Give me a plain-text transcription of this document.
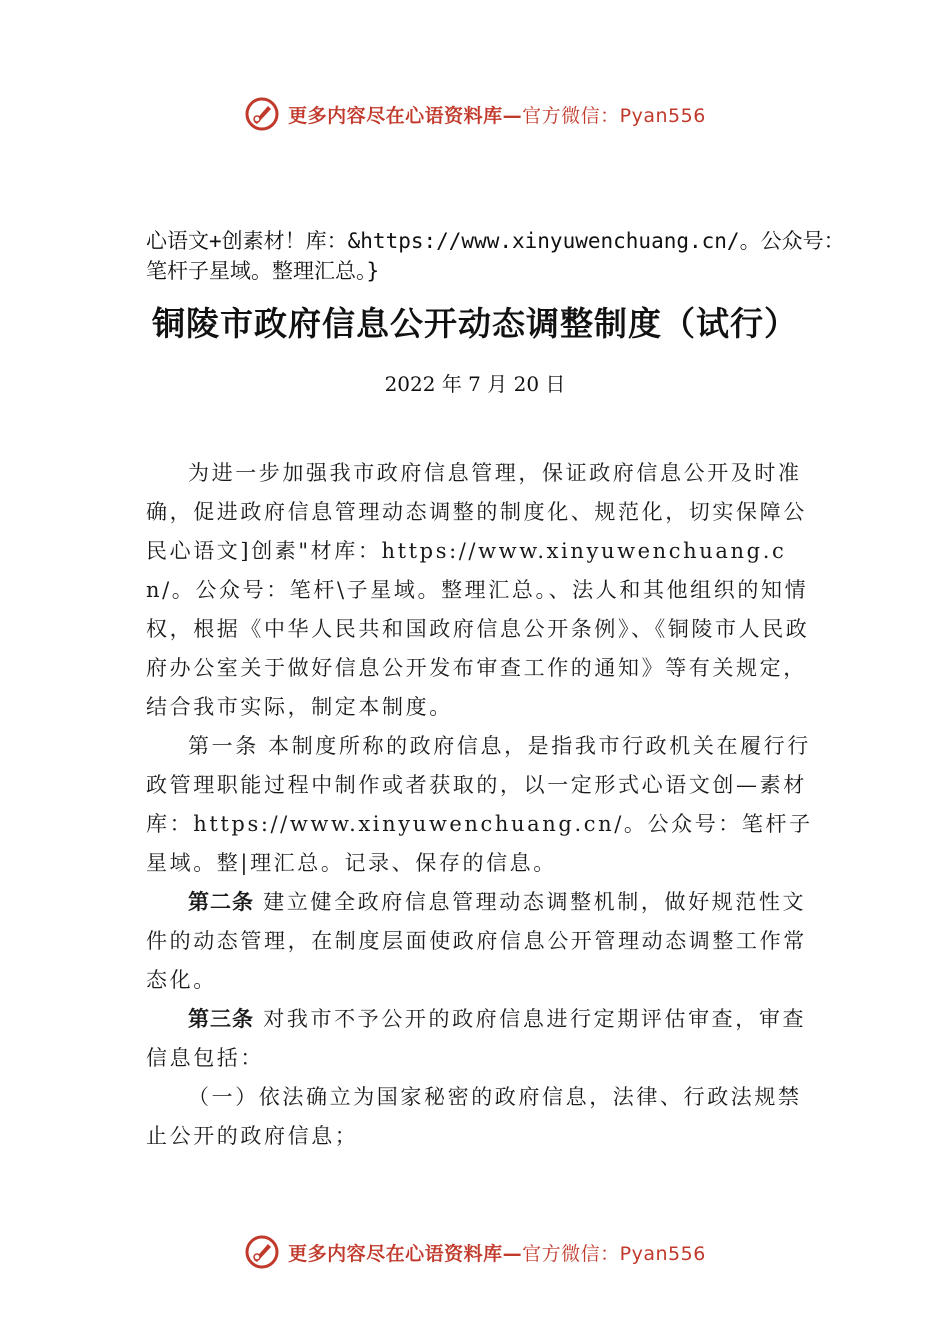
更多内容尽在心语资料库—官方微信：Pyan556
心语文+创素材！库：&https://www.xinyuwenchuang.cn/。公众号：笔杆子星域。整理汇总。}
铜陵市政府信息公开动态调整制度（试行）
2022 年 7 月 20 日

为进一步加强我市政府信息管理，保证政府信息公开及时准确，促进政府信息管理动态调整的制度化、规范化，切实保障公民心语文]创素"材库：https://www.xinyuwenchuang.cn/。公众号：笔杆\子星域。整理汇总。、法人和其他组织的知情权，根据《中华人民共和国政府信息公开条例》、《铜陵市人民政府办公室关于做好信息公开发布审查工作的通知》等有关规定，结合我市实际，制定本制度。

第一条 本制度所称的政府信息，是指我市行政机关在履行行政管理职能过程中制作或者获取的，以一定形式心语文创—素材库：https://www.xinyuwenchuang.cn/。公众号：笔杆子星域。整|理汇总。记录、保存的信息。

第二条 建立健全政府信息管理动态调整机制，做好规范性文件的动态管理，在制度层面使政府信息公开管理动态调整工作常态化。

第三条 对我市不予公开的政府信息进行定期评估审查，审查信息包括：

（一）依法确立为国家秘密的政府信息，法律、行政法规禁止公开的政府信息；

更多内容尽在心语资料库—官方微信：Pyan556
